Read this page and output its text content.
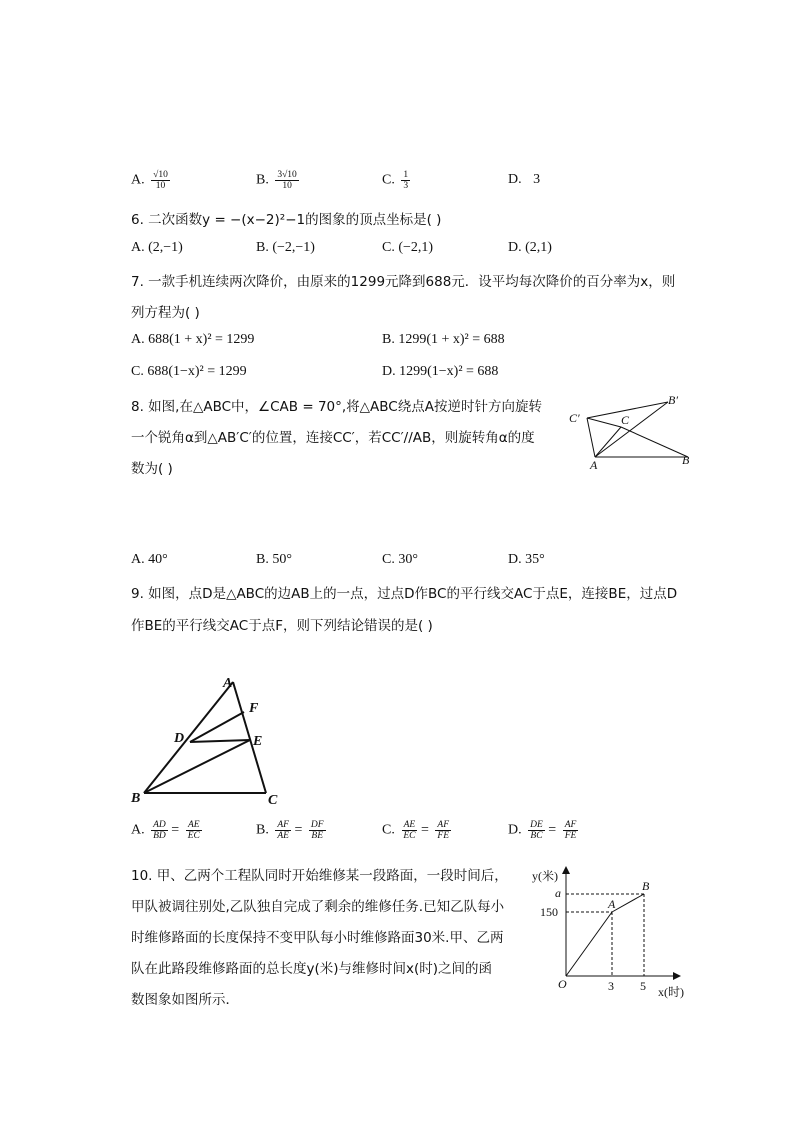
A. $\frac{√10}{10}$	B. $\frac{3√10}{10}$	C. $\frac{1}{3}$	D. 3
6. 二次函数y = −(x−2)²−1的图象的顶点坐标是( )
A. (2,−1)	B. (−2,−1)	C. (−2,1)	D. (2,1)
7. 一款手机连续两次降价，由原来的1299元降到688元．设平均每次降价的百分率为x，则
列方程为( )
A. 688(1 + x)² = 1299	B. 1299(1 + x)² = 688
C. 688(1−x)² = 1299	D. 1299(1−x)² = 688
8. 如图,在△ABC中，∠CAB = 70°,将△ABC绕点A按逆时针方向旋转
一个锐角α到△AB′C′的位置，连接CC′，若CC′//AB，则旋转角α的度
数为( )	A	B
C
B′
C′
A. 40°	B. 50°	C. 30°	D. 35°
9. 如图，点D是△ABC的边AB上的一点，过点D作BC的平行线交AC于点E，连接BE，过点D
作BE的平行线交AC于点F，则下列结论错误的是( )
A
B	C
D	E
F
A. $\frac{AD}{BD} = \frac{AE}{EC}$	B. $\frac{AF}{AE} = \frac{DF}{BE}$	C. $\frac{AE}{EC} = \frac{AF}{FE}$	D. $\frac{DE}{BC} = \frac{AF}{FE}$
10. 甲、乙两个工程队同时开始维修某一段路面，一段时间后，
甲队被调往别处,乙队独自完成了剩余的维修任务.已知乙队每小
时维修路面的长度保持不变甲队每小时维修路面30米.甲、乙两
队在此路段维修路面的总长度y(米)与维修时间x(时)之间的函
数图象如图所示．
y(米)
x(时)
O
a
150
3 5
A
B
